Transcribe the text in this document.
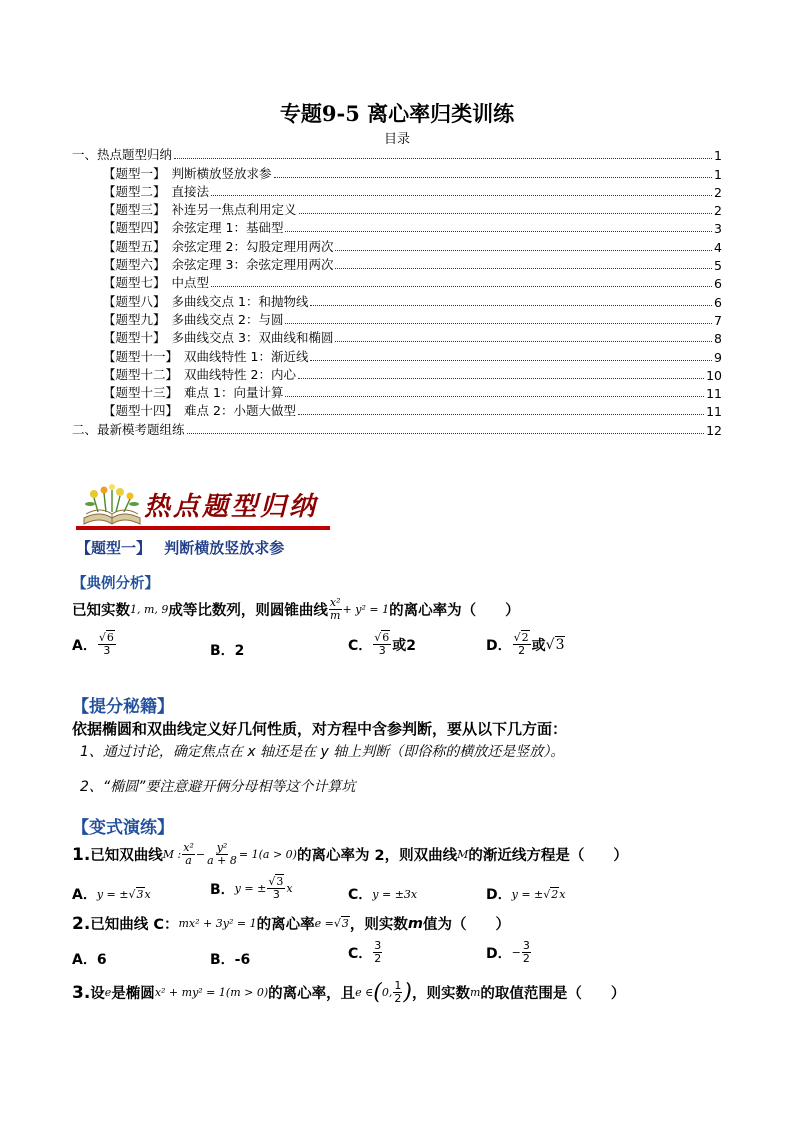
专题9-5 离心率归类训练
目录
一、热点题型归纳	1
【题型一】 判断横放竖放求参	1
【题型二】 直接法	2
【题型三】 补连另一焦点利用定义	2
【题型四】 余弦定理 1：基础型	3
【题型五】 余弦定理 2：勾股定理用两次	4
【题型六】 余弦定理 3：余弦定理用两次	5
【题型七】 中点型	6
【题型八】 多曲线交点 1：和抛物线	6
【题型九】 多曲线交点 2：与圆	7
【题型十】 多曲线交点 3：双曲线和椭圆	8
【题型十一】 双曲线特性 1：渐近线	9
【题型十二】 双曲线特性 2：内心	10
【题型十三】 难点 1：向量计算	11
【题型十四】 难点 2：小题大做型	11
二、最新模考题组练	12
热点题型归纳
【题型一】 判断横放竖放求参
【典例分析】
已知实数 1, m, 9 成等比数列，则圆锥曲线 $\frac{\text{x²}}{m} + y^2 = 1$ 的离心率为（　　）
A． $\frac{√6}{3}$	B．2	C． $\frac{√6}{3}$ 或2	D． $\frac{√2}{2}$ 或 √3
【提分秘籍】
依据椭圆和双曲线定义好几何性质，对方程中含参判断，要从以下几方面：
1、通过讨论，确定焦点在 x 轴还是在 y 轴上判断（即俗称的横放还是竖放）。
2、“椭圆”要注意避开俩分母相等这个计算坑
【变式演练】
1. 已知双曲线 M : $\frac{\text{x²}}{a} - \frac{\text{y²}}{a + 8} = 1(a > 0)$ 的离心率为 2，则双曲线 M 的渐近线方程是（　　）
A． y = ± √3x	B． y = ± $\frac{√3}{3}$ x	C． y = ±3x	D． y = ± √2x
2. 已知曲线 C： mx² + 3y² = 1 的离心率 e = √3 ，则实数 m 值为（　　）
A．6	B．-6	C． $\frac{3}{2}$	D． − $\frac{3}{2}$
3. 设 e 是椭圆 x² + my² = 1(m > 0) 的离心率，且 e ∈ ( 0, $\frac{1}{2}$ ) ，则实数 m 的取值范围是（　　）
